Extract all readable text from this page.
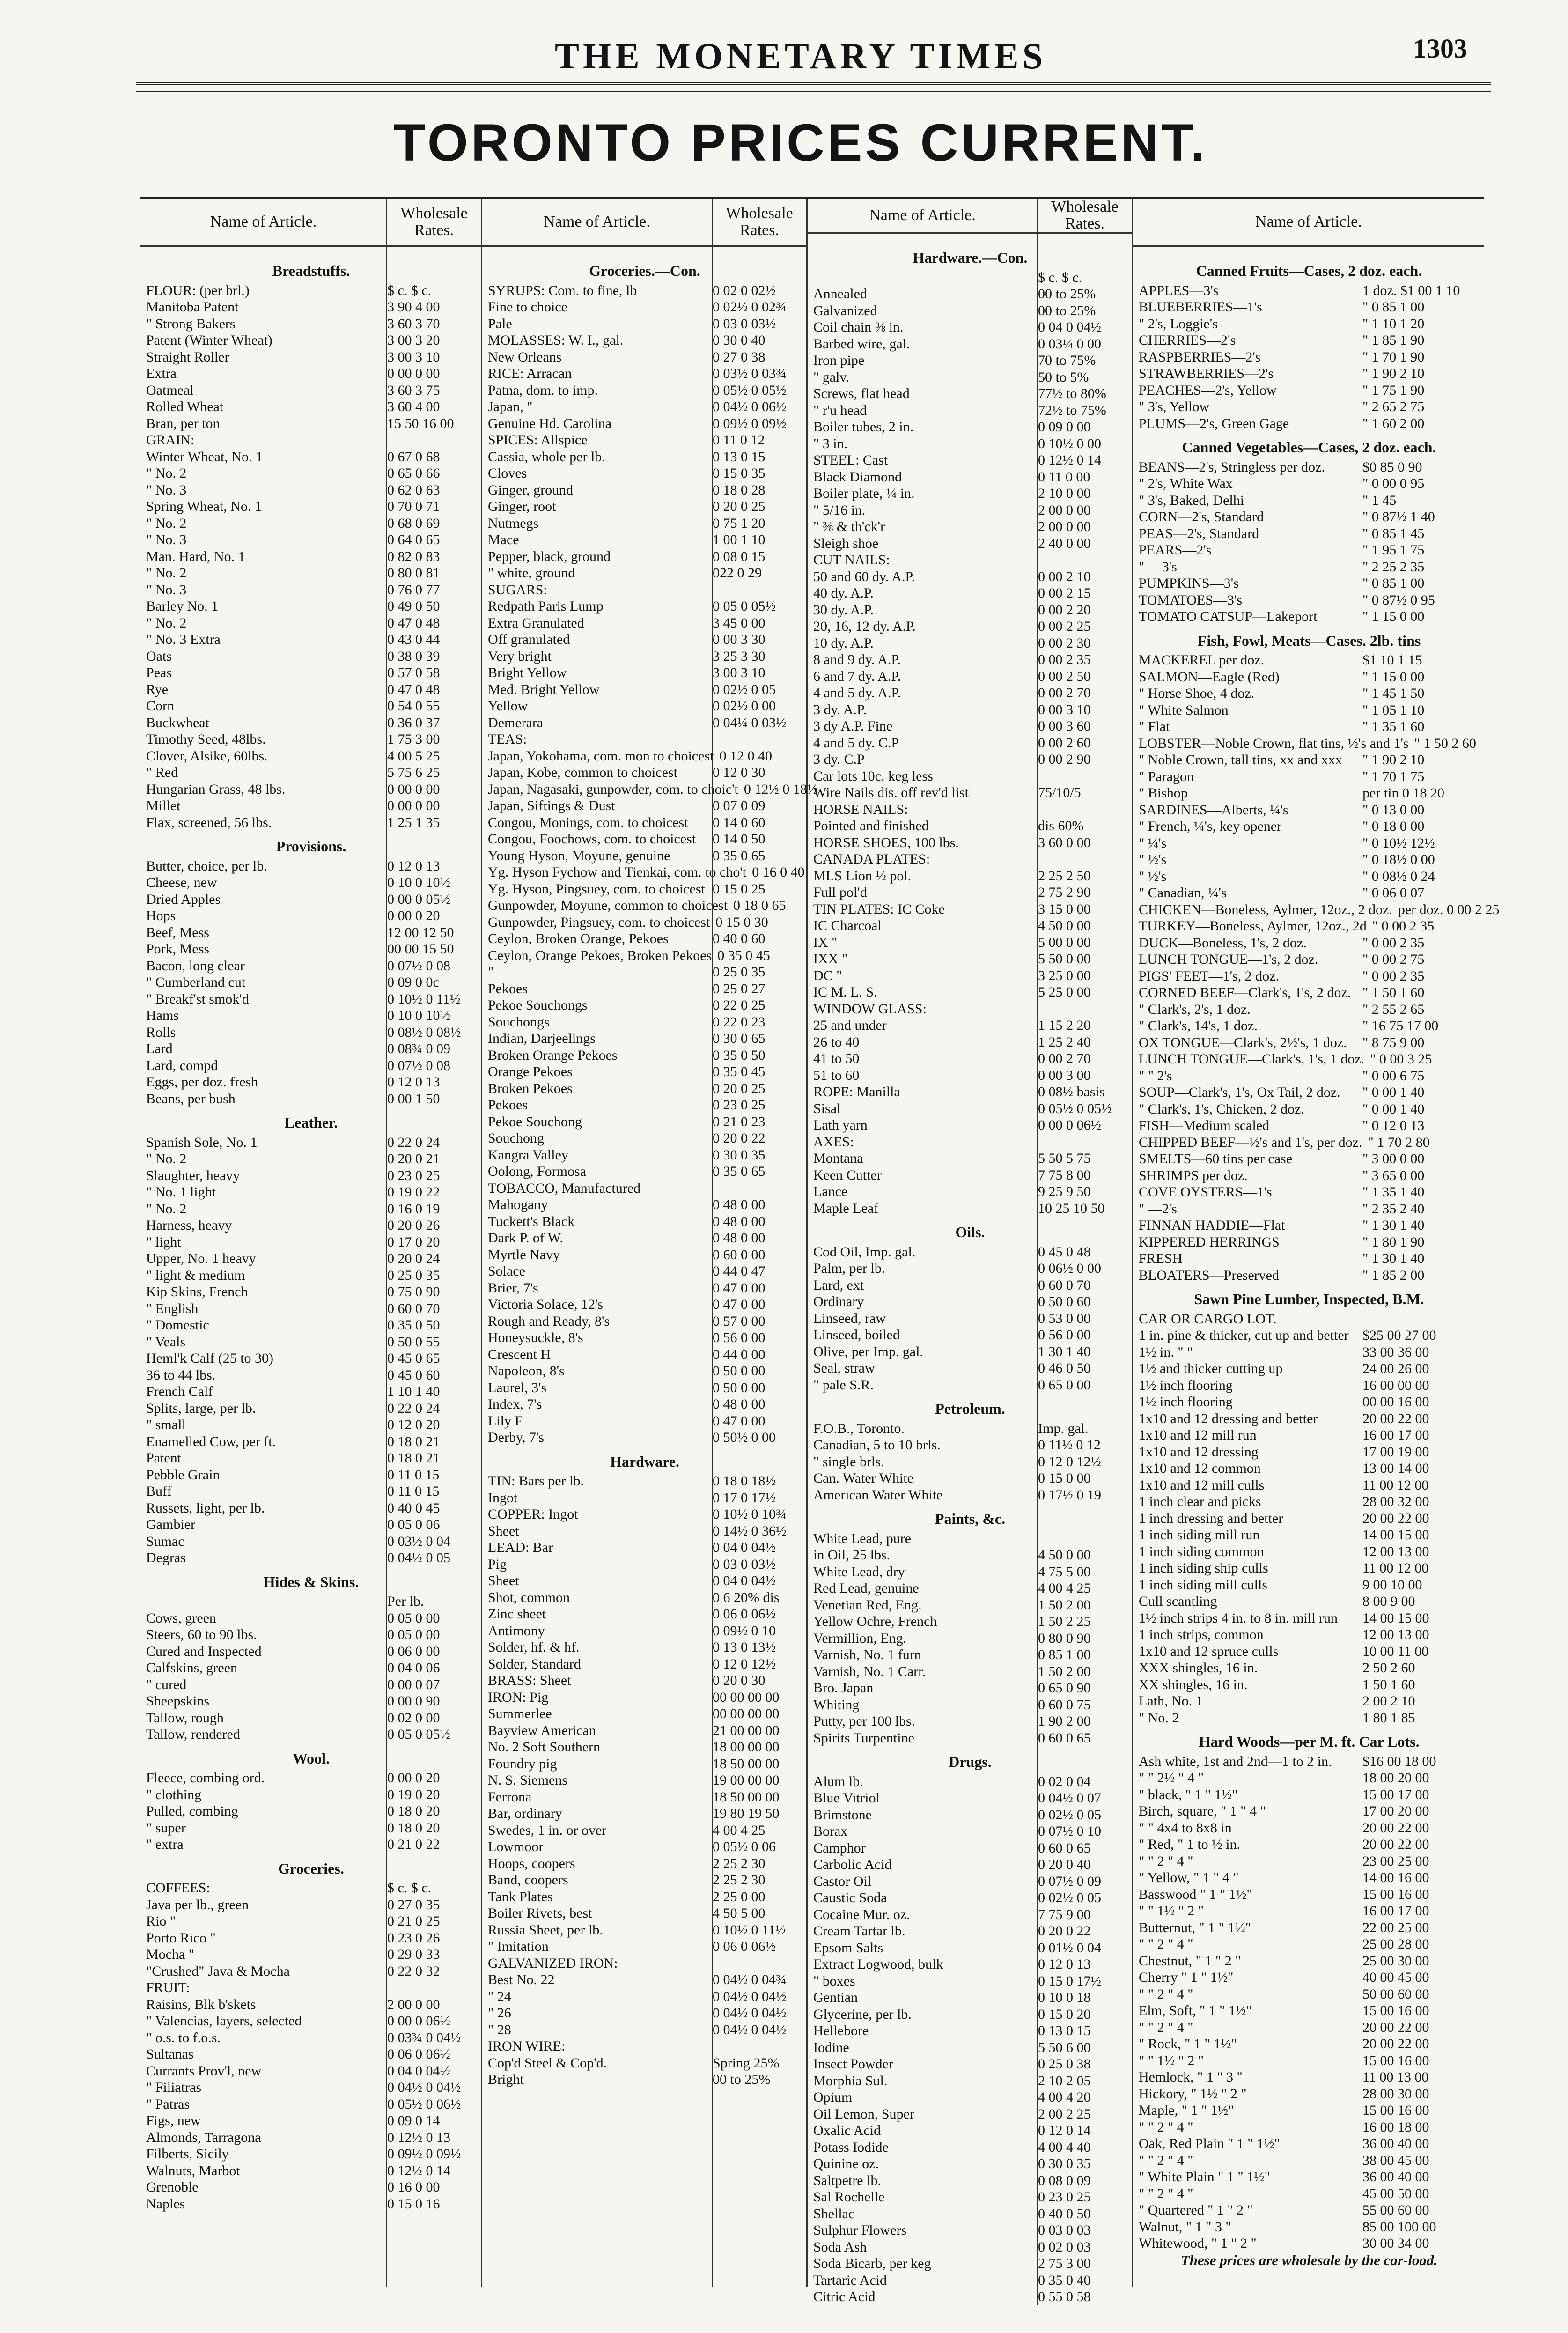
THE MONETARY TIMES	1303
TORONTO PRICES CURRENT.
Name of Article.	Wholesale Rates.
Breadstuffs.
FLOUR: (per brl.)	$ c. $ c.
Manitoba Patent	3 90 4 00
" Strong Bakers	3 60 3 70
Patent (Winter Wheat)	3 00 3 20
Straight Roller	3 00 3 10
Extra	0 00 0 00
Oatmeal	3 60 3 75
Rolled Wheat	3 60 4 00
Bran, per ton	15 50 16 00
GRAIN:
Winter Wheat, No. 1	0 67 0 68
" No. 2	0 65 0 66
" No. 3	0 62 0 63
Spring Wheat, No. 1	0 70 0 71
" No. 2	0 68 0 69
" No. 3	0 64 0 65
Man. Hard, No. 1	0 82 0 83
" No. 2	0 80 0 81
" No. 3	0 76 0 77
Barley No. 1	0 49 0 50
" No. 2	0 47 0 48
" No. 3 Extra	0 43 0 44
Oats	0 38 0 39
Peas	0 57 0 58
Rye	0 47 0 48
Corn	0 54 0 55
Buckwheat	0 36 0 37
Timothy Seed, 48lbs.	1 75 3 00
Clover, Alsike, 60lbs.	4 00 5 25
" Red	5 75 6 25
Hungarian Grass, 48 lbs.	0 00 0 00
Millet	0 00 0 00
Flax, screened, 56 lbs.	1 25 1 35
Provisions.
Butter, choice, per lb.	0 12 0 13
Cheese, new	0 10 0 10½
Dried Apples	0 00 0 05½
Hops	0 00 0 20
Beef, Mess	12 00 12 50
Pork, Mess	00 00 15 50
Bacon, long clear	0 07½ 0 08
" Cumberland cut	0 09 0 0c
" Breakf'st smok'd	0 10½ 0 11½
Hams	0 10 0 10½
Rolls	0 08½ 0 08½
Lard	0 08¾ 0 09
Lard, compd	0 07½ 0 08
Eggs, per doz. fresh	0 12 0 13
Beans, per bush	0 00 1 50
Leather.
Spanish Sole, No. 1	0 22 0 24
" No. 2	0 20 0 21
Slaughter, heavy	0 23 0 25
" No. 1 light	0 19 0 22
" No. 2	0 16 0 19
Harness, heavy	0 20 0 26
" light	0 17 0 20
Upper, No. 1 heavy	0 20 0 24
" light & medium	0 25 0 35
Kip Skins, French	0 75 0 90
" English	0 60 0 70
" Domestic	0 35 0 50
" Veals	0 50 0 55
Heml'k Calf (25 to 30)	0 45 0 65
36 to 44 lbs.	0 45 0 60
French Calf	1 10 1 40
Splits, large, per lb.	0 22 0 24
" small	0 12 0 20
Enamelled Cow, per ft.	0 18 0 21
Patent	0 18 0 21
Pebble Grain	0 11 0 15
Buff	0 11 0 15
Russets, light, per lb.	0 40 0 45
Gambier	0 05 0 06
Sumac	0 03½ 0 04
Degras	0 04½ 0 05
Hides & Skins.
Per lb.
Cows, green	0 05 0 00
Steers, 60 to 90 lbs.	0 05 0 00
Cured and Inspected	0 06 0 00
Calfskins, green	0 04 0 06
" cured	0 00 0 07
Sheepskins	0 00 0 90
Tallow, rough	0 02 0 00
Tallow, rendered	0 05 0 05½
Wool.
Fleece, combing ord.	0 00 0 20
" clothing	0 19 0 20
Pulled, combing	0 18 0 20
" super	0 18 0 20
" extra	0 21 0 22
Groceries.
COFFEES:	$ c. $ c.
Java per lb., green	0 27 0 35
Rio "	0 21 0 25
Porto Rico "	0 23 0 26
Mocha "	0 29 0 33
"Crushed" Java & Mocha	0 22 0 32
FRUIT:
Raisins, Blk b'skets	2 00 0 00
" Valencias, layers, selected	0 00 0 06½
" o.s. to f.o.s.	0 03¾ 0 04½
Sultanas	0 06 0 06½
Currants Prov'l, new	0 04 0 04½
" Filiatras	0 04½ 0 04½
" Patras	0 05½ 0 06½
Figs, new	0 09 0 14
Almonds, Tarragona	0 12½ 0 13
Filberts, Sicily	0 09½ 0 09½
Walnuts, Marbot	0 12½ 0 14
Grenoble	0 16 0 00
Naples	0 15 0 16
Name of Article.	Wholesale Rates.
Groceries.—Con.
SYRUPS: Com. to fine, lb	0 02 0 02½
Fine to choice	0 02½ 0 02¾
Pale	0 03 0 03½
MOLASSES: W. I., gal.	0 30 0 40
New Orleans	0 27 0 38
RICE: Arracan	0 03½ 0 03¾
Patna, dom. to imp.	0 05½ 0 05½
Japan, "	0 04½ 0 06½
Genuine Hd. Carolina	0 09½ 0 09½
SPICES: Allspice	0 11 0 12
Cassia, whole per lb.	0 13 0 15
Cloves	0 15 0 35
Ginger, ground	0 18 0 28
Ginger, root	0 20 0 25
Nutmegs	0 75 1 20
Mace	1 00 1 10
Pepper, black, ground	0 08 0 15
" white, ground	022 0 29
SUGARS:
Redpath Paris Lump	0 05 0 05½
Extra Granulated	3 45 0 00
Off granulated	0 00 3 30
Very bright	3 25 3 30
Bright Yellow	3 00 3 10
Med. Bright Yellow	0 02½ 0 05
Yellow	0 02½ 0 00
Demerara	0 04¼ 0 03½
TEAS:
Japan, Yokohama, com. mon to choicest 0 12 0 40
Japan, Kobe, common to choicest	0 12 0 30
Japan, Nagasaki, gunpowder, com. to choic't 0 12½ 0 18½
Japan, Siftings & Dust	0 07 0 09
Congou, Monings, com. to choicest	0 14 0 60
Congou, Foochows, com. to choicest	0 14 0 50
Young Hyson, Moyune, genuine	0 35 0 65
Yg. Hyson Fychow and Tienkai, com. to cho't 0 16 0 40
Yg. Hyson, Pingsuey, com. to choicest 0 15 0 25
Gunpowder, Moyune, common to choicest 0 18 0 65
Gunpowder, Pingsuey, com. to choicest 0 15 0 30
Ceylon, Broken Orange, Pekoes	0 40 0 60
Ceylon, Orange Pekoes, Broken Pekoes 0 35 0 45
"	0 25 0 35
Pekoes	0 25 0 27
Pekoe Souchongs	0 22 0 25
Souchongs	0 22 0 23
Indian, Darjeelings	0 30 0 65
Broken Orange Pekoes	0 35 0 50
Orange Pekoes	0 35 0 45
Broken Pekoes	0 20 0 25
Pekoes	0 23 0 25
Pekoe Souchong	0 21 0 23
Souchong	0 20 0 22
Kangra Valley	0 30 0 35
Oolong, Formosa	0 35 0 65
TOBACCO, Manufactured
Mahogany	0 48 0 00
Tuckett's Black	0 48 0 00
Dark P. of W.	0 48 0 00
Myrtle Navy	0 60 0 00
Solace	0 44 0 47
Brier, 7's	0 47 0 00
Victoria Solace, 12's	0 47 0 00
Rough and Ready, 8's	0 57 0 00
Honeysuckle, 8's	0 56 0 00
Crescent H	0 44 0 00
Napoleon, 8's	0 50 0 00
Laurel, 3's	0 50 0 00
Index, 7's	0 48 0 00
Lily F	0 47 0 00
Derby, 7's	0 50½ 0 00
Hardware.
TIN: Bars per lb.	0 18 0 18½
Ingot	0 17 0 17½
COPPER: Ingot	0 10½ 0 10¾
Sheet	0 14½ 0 36½
LEAD: Bar	0 04 0 04½
Pig	0 03 0 03½
Sheet	0 04 0 04½
Shot, common	0 6 20% dis
Zinc sheet	0 06 0 06½
Antimony	0 09½ 0 10
Solder, hf. & hf.	0 13 0 13½
Solder, Standard	0 12 0 12½
BRASS: Sheet	0 20 0 30
IRON: Pig	00 00 00 00
Summerlee	00 00 00 00
Bayview American	21 00 00 00
No. 2 Soft Southern	18 00 00 00
Foundry pig	18 50 00 00
N. S. Siemens	19 00 00 00
Ferrona	18 50 00 00
Bar, ordinary	19 80 19 50
Swedes, 1 in. or over	4 00 4 25
Lowmoor	0 05½ 0 06
Hoops, coopers	2 25 2 30
Band, coopers	2 25 2 30
Tank Plates	2 25 0 00
Boiler Rivets, best	4 50 5 00
Russia Sheet, per lb.	0 10½ 0 11½
" Imitation	0 06 0 06½
GALVANIZED IRON:
Best No. 22	0 04½ 0 04¾
" 24	0 04½ 0 04½
" 26	0 04½ 0 04½
" 28	0 04½ 0 04½
IRON WIRE:
Cop'd Steel & Cop'd.	Spring 25%
Bright	00 to 25%
Name of Article.	Wholesale Rates.
Hardware.—Con.
$ c. $ c.
Annealed	00 to 25%
Galvanized	00 to 25%
Coil chain ⅜ in.	0 04 0 04½
Barbed wire, gal.	0 03¼ 0 00
Iron pipe	70 to 75%
" galv.	50 to 5%
Screws, flat head	77½ to 80%
" r'u head	72½ to 75%
Boiler tubes, 2 in.	0 09 0 00
" 3 in.	0 10½ 0 00
STEEL: Cast	0 12½ 0 14
Black Diamond	0 11 0 00
Boiler plate, ¼ in.	2 10 0 00
" 5/16 in.	2 00 0 00
" ⅜ & th'ck'r	2 00 0 00
Sleigh shoe	2 40 0 00
CUT NAILS:
50 and 60 dy. A.P.	0 00 2 10
40 dy. A.P.	0 00 2 15
30 dy. A.P.	0 00 2 20
20, 16, 12 dy. A.P.	0 00 2 25
10 dy. A.P.	0 00 2 30
8 and 9 dy. A.P.	0 00 2 35
6 and 7 dy. A.P.	0 00 2 50
4 and 5 dy. A.P.	0 00 2 70
3 dy. A.P.	0 00 3 10
3 dy A.P. Fine	0 00 3 60
4 and 5 dy. C.P	0 00 2 60
3 dy. C.P	0 00 2 90
Car lots 10c. keg less
Wire Nails dis. off rev'd list	75/10/5
HORSE NAILS:
Pointed and finished	dis 60%
HORSE SHOES, 100 lbs.	3 60 0 00
CANADA PLATES:
MLS Lion ½ pol.	2 25 2 50
Full pol'd	2 75 2 90
TIN PLATES: IC Coke	3 15 0 00
IC Charcoal	4 50 0 00
IX "	5 00 0 00
IXX "	5 50 0 00
DC "	3 25 0 00
IC M. L. S.	5 25 0 00
WINDOW GLASS:
25 and under	1 15 2 20
26 to 40	1 25 2 40
41 to 50	0 00 2 70
51 to 60	0 00 3 00
ROPE: Manilla	0 08½ basis
Sisal	0 05½ 0 05½
Lath yarn	0 00 0 06½
AXES:
Montana	5 50 5 75
Keen Cutter	7 75 8 00
Lance	9 25 9 50
Maple Leaf	10 25 10 50
Oils.
Cod Oil, Imp. gal.	0 45 0 48
Palm, per lb.	0 06½ 0 00
Lard, ext	0 60 0 70
Ordinary	0 50 0 60
Linseed, raw	0 53 0 00
Linseed, boiled	0 56 0 00
Olive, per Imp. gal.	1 30 1 40
Seal, straw	0 46 0 50
" pale S.R.	0 65 0 00
Petroleum.
F.O.B., Toronto.	Imp. gal.
Canadian, 5 to 10 brls.	0 11½ 0 12
" single brls.	0 12 0 12½
Can. Water White	0 15 0 00
American Water White	0 17½ 0 19
Paints, &c.
White Lead, pure
in Oil, 25 lbs.	4 50 0 00
White Lead, dry	4 75 5 00
Red Lead, genuine	4 00 4 25
Venetian Red, Eng.	1 50 2 00
Yellow Ochre, French	1 50 2 25
Vermillion, Eng.	0 80 0 90
Varnish, No. 1 furn	0 85 1 00
Varnish, No. 1 Carr.	1 50 2 00
Bro. Japan	0 65 0 90
Whiting	0 60 0 75
Putty, per 100 lbs.	1 90 2 00
Spirits Turpentine	0 60 0 65
Drugs.
Alum lb.	0 02 0 04
Blue Vitriol	0 04½ 0 07
Brimstone	0 02½ 0 05
Borax	0 07½ 0 10
Camphor	0 60 0 65
Carbolic Acid	0 20 0 40
Castor Oil	0 07½ 0 09
Caustic Soda	0 02½ 0 05
Cocaine Mur. oz.	7 75 9 00
Cream Tartar lb.	0 20 0 22
Epsom Salts	0 01½ 0 04
Extract Logwood, bulk	0 12 0 13
" boxes	0 15 0 17½
Gentian	0 10 0 18
Glycerine, per lb.	0 15 0 20
Hellebore	0 13 0 15
Iodine	5 50 6 00
Insect Powder	0 25 0 38
Morphia Sul.	2 10 2 05
Opium	4 00 4 20
Oil Lemon, Super	2 00 2 25
Oxalic Acid	0 12 0 14
Potass Iodide	4 00 4 40
Quinine oz.	0 30 0 35
Saltpetre lb.	0 08 0 09
Sal Rochelle	0 23 0 25
Shellac	0 40 0 50
Sulphur Flowers	0 03 0 03
Soda Ash	0 02 0 03
Soda Bicarb, per keg	2 75 3 00
Tartaric Acid	0 35 0 40
Citric Acid	0 55 0 58
Name of Article.
Canned Fruits—Cases, 2 doz. each.
APPLES—3's	1 doz. $1 00 1 10
BLUEBERRIES—1's	" 0 85 1 00
" 2's, Loggie's	" 1 10 1 20
CHERRIES—2's	" 1 85 1 90
RASPBERRIES—2's	" 1 70 1 90
STRAWBERRIES—2's	" 1 90 2 10
PEACHES—2's, Yellow	" 1 75 1 90
" 3's, Yellow	" 2 65 2 75
PLUMS—2's, Green Gage	" 1 60 2 00
Canned Vegetables—Cases, 2 doz. each.
BEANS—2's, Stringless per doz.	$0 85 0 90
" 2's, White Wax	" 0 00 0 95
" 3's, Baked, Delhi	" 1 45
CORN—2's, Standard	" 0 87½ 1 40
PEAS—2's, Standard	" 0 85 1 45
PEARS—2's	" 1 95 1 75
" —3's	" 2 25 2 35
PUMPKINS—3's	" 0 85 1 00
TOMATOES—3's	" 0 87½ 0 95
TOMATO CATSUP—Lakeport	" 1 15 0 00
Fish, Fowl, Meats—Cases. 2lb. tins
MACKEREL per doz.	$1 10 1 15
SALMON—Eagle (Red)	" 1 15 0 00
" Horse Shoe, 4 doz.	" 1 45 1 50
" White Salmon	" 1 05 1 10
" Flat	" 1 35 1 60
LOBSTER—Noble Crown, flat tins, ½'s and 1's " 1 50 2 60
" Noble Crown, tall tins, xx and xxx	" 1 90 2 10
" Paragon	" 1 70 1 75
" Bishop	per tin 0 18 20
SARDINES—Alberts, ¼'s	" 0 13 0 00
" French, ¼'s, key opener	" 0 18 0 00
" ¼'s	" 0 10½ 12½
" ½'s	" 0 18½ 0 00
" ½'s	" 0 08½ 0 24
" Canadian, ¼'s	" 0 06 0 07
CHICKEN—Boneless, Aylmer, 12oz., 2 doz. per doz. 0 00 2 25
TURKEY—Boneless, Aylmer, 12oz., 2d " 0 00 2 35
DUCK—Boneless, 1's, 2 doz.	" 0 00 2 35
LUNCH TONGUE—1's, 2 doz.	" 0 00 2 75
PIGS' FEET—1's, 2 doz.	" 0 00 2 35
CORNED BEEF—Clark's, 1's, 2 doz. " 1 50 1 60
" Clark's, 2's, 1 doz.	" 2 55 2 65
" Clark's, 14's, 1 doz.	" 16 75 17 00
OX TONGUE—Clark's, 2½'s, 1 doz.	" 8 75 9 00
LUNCH TONGUE—Clark's, 1's, 1 doz. " 0 00 3 25
" " 2's	" 0 00 6 75
SOUP—Clark's, 1's, Ox Tail, 2 doz.	" 0 00 1 40
" Clark's, 1's, Chicken, 2 doz.	" 0 00 1 40
FISH—Medium scaled	" 0 12 0 13
CHIPPED BEEF—½'s and 1's, per doz. " 1 70 2 80
SMELTS—60 tins per case	" 3 00 0 00
SHRIMPS per doz.	" 3 65 0 00
COVE OYSTERS—1's	" 1 35 1 40
" —2's	" 2 35 2 40
FINNAN HADDIE—Flat	" 1 30 1 40
KIPPERED HERRINGS	" 1 80 1 90
FRESH	" 1 30 1 40
BLOATERS—Preserved	" 1 85 2 00
Sawn Pine Lumber, Inspected, B.M.
CAR OR CARGO LOT.
1 in. pine & thicker, cut up and better $25 00 27 00
1½ in. " "	33 00 36 00
1½ and thicker cutting up	24 00 26 00
1½ inch flooring	16 00 00 00
1½ inch flooring	00 00 16 00
1x10 and 12 dressing and better	20 00 22 00
1x10 and 12 mill run	16 00 17 00
1x10 and 12 dressing	17 00 19 00
1x10 and 12 common	13 00 14 00
1x10 and 12 mill culls	11 00 12 00
1 inch clear and picks	28 00 32 00
1 inch dressing and better	20 00 22 00
1 inch siding mill run	14 00 15 00
1 inch siding common	12 00 13 00
1 inch siding ship culls	11 00 12 00
1 inch siding mill culls	9 00 10 00
Cull scantling	8 00 9 00
1½ inch strips 4 in. to 8 in. mill run	14 00 15 00
1 inch strips, common	12 00 13 00
1x10 and 12 spruce culls	10 00 11 00
XXX shingles, 16 in.	2 50 2 60
XX shingles, 16 in.	1 50 1 60
Lath, No. 1	2 00 2 10
" No. 2	1 80 1 85
Hard Woods—per M. ft. Car Lots.
Ash white, 1st and 2nd—1 to 2 in.	$16 00 18 00
" " 2½ " 4 "	18 00 20 00
" black, " 1 " 1½"	15 00 17 00
Birch, square, " 1 " 4 "	17 00 20 00
" " 4x4 to 8x8 in	20 00 22 00
" Red, " 1 to ½ in.	20 00 22 00
" " 2 " 4 "	23 00 25 00
" Yellow, " 1 " 4 "	14 00 16 00
Basswood " 1 " 1½"	15 00 16 00
" " 1½ " 2 "	16 00 17 00
Butternut, " 1 " 1½"	22 00 25 00
" " 2 " 4 "	25 00 28 00
Chestnut, " 1 " 2 "	25 00 30 00
Cherry " 1 " 1½"	40 00 45 00
" " 2 " 4 "	50 00 60 00
Elm, Soft, " 1 " 1½"	15 00 16 00
" " 2 " 4 "	20 00 22 00
" Rock, " 1 " 1½"	20 00 22 00
" " 1½ " 2 "	15 00 16 00
Hemlock, " 1 " 3 "	11 00 13 00
Hickory, " 1½ " 2 "	28 00 30 00
Maple, " 1 " 1½"	15 00 16 00
" " 2 " 4 "	16 00 18 00
Oak, Red Plain " 1 " 1½"	36 00 40 00
" " 2 " 4 "	38 00 45 00
" White Plain " 1 " 1½"	36 00 40 00
" " 2 " 4 "	45 00 50 00
" Quartered " 1 " 2 "	55 00 60 00
Walnut, " 1 " 3 "	85 00 100 00
Whitewood, " 1 " 2 "	30 00 34 00
These prices are wholesale by the car-load.
